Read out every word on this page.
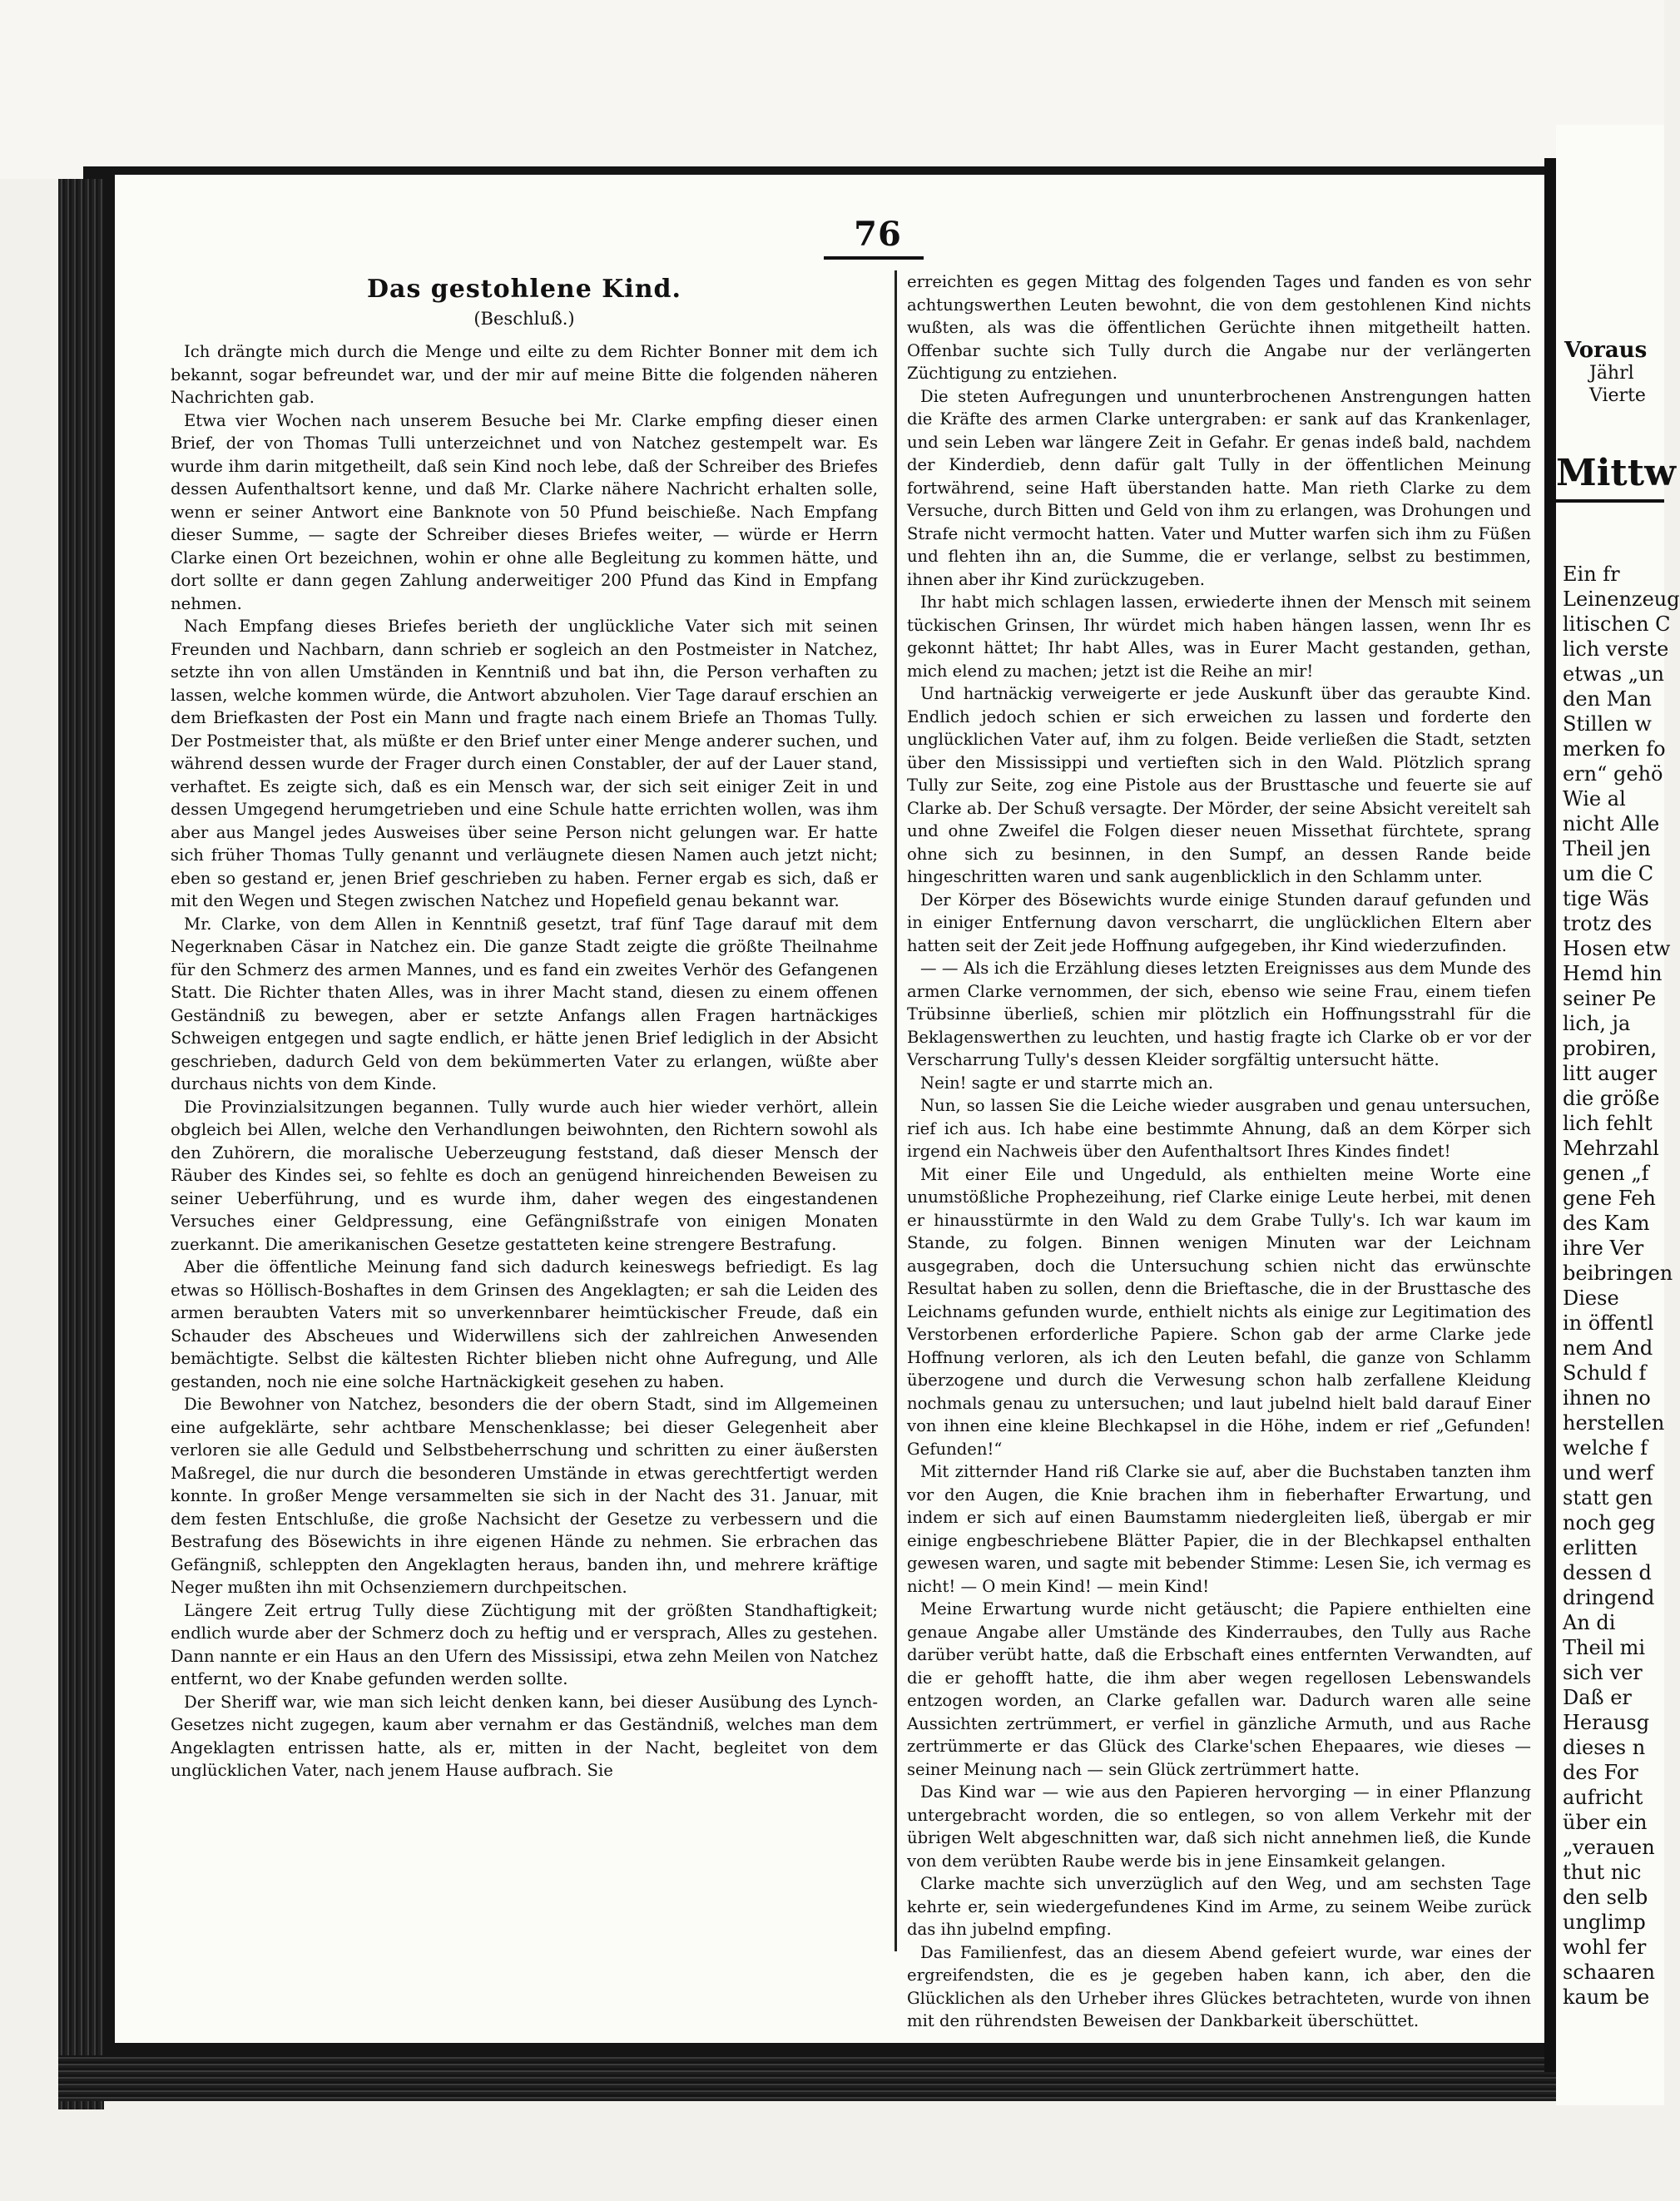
76
Das gestohlene Kind.
(Beschluß.)

Ich drängte mich durch die Menge und eilte zu dem Richter Bonner mit dem ich bekannt, sogar befreundet war, und der mir auf meine Bitte die folgenden näheren Nachrichten gab.

Etwa vier Wochen nach unserem Besuche bei Mr. Clarke empfing dieser einen Brief, der von Thomas Tulli unterzeichnet und von Natchez gestempelt war. Es wurde ihm darin mitgetheilt, daß sein Kind noch lebe, daß der Schreiber des Briefes dessen Aufenthaltsort kenne, und daß Mr. Clarke nähere Nachricht erhalten solle, wenn er seiner Antwort eine Banknote von 50 Pfund beischieße. Nach Empfang dieser Summe, — sagte der Schreiber dieses Briefes weiter, — würde er Herrn Clarke einen Ort bezeichnen, wohin er ohne alle Begleitung zu kommen hätte, und dort sollte er dann gegen Zahlung anderweitiger 200 Pfund das Kind in Empfang nehmen.

Nach Empfang dieses Briefes berieth der unglückliche Vater sich mit seinen Freunden und Nachbarn, dann schrieb er sogleich an den Postmeister in Natchez, setzte ihn von allen Umständen in Kenntniß und bat ihn, die Person verhaften zu lassen, welche kommen würde, die Antwort abzuholen. Vier Tage darauf erschien an dem Briefkasten der Post ein Mann und fragte nach einem Briefe an Thomas Tully. Der Postmeister that, als müßte er den Brief unter einer Menge anderer suchen, und während dessen wurde der Frager durch einen Constabler, der auf der Lauer stand, verhaftet. Es zeigte sich, daß es ein Mensch war, der sich seit einiger Zeit in und dessen Umgegend herumgetrieben und eine Schule hatte errichten wollen, was ihm aber aus Mangel jedes Ausweises über seine Person nicht gelungen war. Er hatte sich früher Thomas Tully genannt und verläugnete diesen Namen auch jetzt nicht; eben so gestand er, jenen Brief geschrieben zu haben. Ferner ergab es sich, daß er mit den Wegen und Stegen zwischen Natchez und Hopefield genau bekannt war.

Mr. Clarke, von dem Allen in Kenntniß gesetzt, traf fünf Tage darauf mit dem Negerknaben Cäsar in Natchez ein. Die ganze Stadt zeigte die größte Theilnahme für den Schmerz des armen Mannes, und es fand ein zweites Verhör des Gefangenen Statt. Die Richter thaten Alles, was in ihrer Macht stand, diesen zu einem offenen Geständniß zu bewegen, aber er setzte Anfangs allen Fragen hartnäckiges Schweigen entgegen und sagte endlich, er hätte jenen Brief lediglich in der Absicht geschrieben, dadurch Geld von dem bekümmerten Vater zu erlangen, wüßte aber durchaus nichts von dem Kinde.

Die Provinzialsitzungen begannen. Tully wurde auch hier wieder verhört, allein obgleich bei Allen, welche den Verhandlungen beiwohnten, den Richtern sowohl als den Zuhörern, die moralische Ueberzeugung feststand, daß dieser Mensch der Räuber des Kindes sei, so fehlte es doch an genügend hinreichenden Beweisen zu seiner Ueberführung, und es wurde ihm, daher wegen des eingestandenen Versuches einer Geldpressung, eine Gefängnißstrafe von einigen Monaten zuerkannt. Die amerikanischen Gesetze gestatteten keine strengere Bestrafung.

Aber die öffentliche Meinung fand sich dadurch keineswegs befriedigt. Es lag etwas so Höllisch-Boshaftes in dem Grinsen des Angeklagten; er sah die Leiden des armen beraubten Vaters mit so unverkennbarer heimtückischer Freude, daß ein Schauder des Abscheues und Widerwillens sich der zahlreichen Anwesenden bemächtigte. Selbst die kältesten Richter blieben nicht ohne Aufregung, und Alle gestanden, noch nie eine solche Hartnäckigkeit gesehen zu haben.

Die Bewohner von Natchez, besonders die der obern Stadt, sind im Allgemeinen eine aufgeklärte, sehr achtbare Menschenklasse; bei dieser Gelegenheit aber verloren sie alle Geduld und Selbstbeherrschung und schritten zu einer äußersten Maßregel, die nur durch die besonderen Umstände in etwas gerechtfertigt werden konnte. In großer Menge versammelten sie sich in der Nacht des 31. Januar, mit dem festen Entschluße, die große Nachsicht der Gesetze zu verbessern und die Bestrafung des Bösewichts in ihre eigenen Hände zu nehmen. Sie erbrachen das Gefängniß, schleppten den Angeklagten heraus, banden ihn, und mehrere kräftige Neger mußten ihn mit Ochsenziemern durchpeitschen.

Längere Zeit ertrug Tully diese Züchtigung mit der größten Standhaftigkeit; endlich wurde aber der Schmerz doch zu heftig und er versprach, Alles zu gestehen. Dann nannte er ein Haus an den Ufern des Mississipi, etwa zehn Meilen von Natchez entfernt, wo der Knabe gefunden werden sollte.

Der Sheriff war, wie man sich leicht denken kann, bei dieser Ausübung des Lynch-Gesetzes nicht zugegen, kaum aber vernahm er das Geständniß, welches man dem Angeklagten entrissen hatte, als er, mitten in der Nacht, begleitet von dem unglücklichen Vater, nach jenem Hause aufbrach. Sie

erreichten es gegen Mittag des folgenden Tages und fanden es von sehr achtungswerthen Leuten bewohnt, die von dem gestohlenen Kind nichts wußten, als was die öffentlichen Gerüchte ihnen mitgetheilt hatten. Offenbar suchte sich Tully durch die Angabe nur der verlängerten Züchtigung zu entziehen.

Die steten Aufregungen und ununterbrochenen Anstrengungen hatten die Kräfte des armen Clarke untergraben: er sank auf das Krankenlager, und sein Leben war längere Zeit in Gefahr. Er genas indeß bald, nachdem der Kinderdieb, denn dafür galt Tully in der öffentlichen Meinung fortwährend, seine Haft überstanden hatte. Man rieth Clarke zu dem Versuche, durch Bitten und Geld von ihm zu erlangen, was Drohungen und Strafe nicht vermocht hatten. Vater und Mutter warfen sich ihm zu Füßen und flehten ihn an, die Summe, die er verlange, selbst zu bestimmen, ihnen aber ihr Kind zurückzugeben.

Ihr habt mich schlagen lassen, erwiederte ihnen der Mensch mit seinem tückischen Grinsen, Ihr würdet mich haben hängen lassen, wenn Ihr es gekonnt hättet; Ihr habt Alles, was in Eurer Macht gestanden, gethan, mich elend zu machen; jetzt ist die Reihe an mir!

Und hartnäckig verweigerte er jede Auskunft über das geraubte Kind. Endlich jedoch schien er sich erweichen zu lassen und forderte den unglücklichen Vater auf, ihm zu folgen. Beide verließen die Stadt, setzten über den Mississippi und vertieften sich in den Wald. Plötzlich sprang Tully zur Seite, zog eine Pistole aus der Brusttasche und feuerte sie auf Clarke ab. Der Schuß versagte. Der Mörder, der seine Absicht vereitelt sah und ohne Zweifel die Folgen dieser neuen Missethat fürchtete, sprang ohne sich zu besinnen, in den Sumpf, an dessen Rande beide hingeschritten waren und sank augenblicklich in den Schlamm unter.

Der Körper des Bösewichts wurde einige Stunden darauf gefunden und in einiger Entfernung davon verscharrt, die unglücklichen Eltern aber hatten seit der Zeit jede Hoffnung aufgegeben, ihr Kind wiederzufinden.

— — Als ich die Erzählung dieses letzten Ereignisses aus dem Munde des armen Clarke vernommen, der sich, ebenso wie seine Frau, einem tiefen Trübsinne überließ, schien mir plötzlich ein Hoffnungsstrahl für die Beklagenswerthen zu leuchten, und hastig fragte ich Clarke ob er vor der Verscharrung Tully's dessen Kleider sorgfältig untersucht hätte.

Nein! sagte er und starrte mich an.

Nun, so lassen Sie die Leiche wieder ausgraben und genau untersuchen, rief ich aus. Ich habe eine bestimmte Ahnung, daß an dem Körper sich irgend ein Nachweis über den Aufenthaltsort Ihres Kindes findet!

Mit einer Eile und Ungeduld, als enthielten meine Worte eine unumstößliche Prophezeihung, rief Clarke einige Leute herbei, mit denen er hinausstürmte in den Wald zu dem Grabe Tully's. Ich war kaum im Stande, zu folgen. Binnen wenigen Minuten war der Leichnam ausgegraben, doch die Untersuchung schien nicht das erwünschte Resultat haben zu sollen, denn die Brieftasche, die in der Brusttasche des Leichnams gefunden wurde, enthielt nichts als einige zur Legitimation des Verstorbenen erforderliche Papiere. Schon gab der arme Clarke jede Hoffnung verloren, als ich den Leuten befahl, die ganze von Schlamm überzogene und durch die Verwesung schon halb zerfallene Kleidung nochmals genau zu untersuchen; und laut jubelnd hielt bald darauf Einer von ihnen eine kleine Blechkapsel in die Höhe, indem er rief „Gefunden! Gefunden!“

Mit zitternder Hand riß Clarke sie auf, aber die Buchstaben tanzten ihm vor den Augen, die Knie brachen ihm in fieberhafter Erwartung, und indem er sich auf einen Baumstamm niedergleiten ließ, übergab er mir einige engbeschriebene Blätter Papier, die in der Blechkapsel enthalten gewesen waren, und sagte mit bebender Stimme: Lesen Sie, ich vermag es nicht! — O mein Kind! — mein Kind!

Meine Erwartung wurde nicht getäuscht; die Papiere enthielten eine genaue Angabe aller Umstände des Kinderraubes, den Tully aus Rache darüber verübt hatte, daß die Erbschaft eines entfernten Verwandten, auf die er gehofft hatte, die ihm aber wegen regellosen Lebenswandels entzogen worden, an Clarke gefallen war. Dadurch waren alle seine Aussichten zertrümmert, er verfiel in gänzliche Armuth, und aus Rache zertrümmerte er das Glück des Clarke'schen Ehepaares, wie dieses — seiner Meinung nach — sein Glück zertrümmert hatte.

Das Kind war — wie aus den Papieren hervorging — in einer Pflanzung untergebracht worden, die so entlegen, so von allem Verkehr mit der übrigen Welt abgeschnitten war, daß sich nicht annehmen ließ, die Kunde von dem verübten Raube werde bis in jene Einsamkeit gelangen.

Clarke machte sich unverzüglich auf den Weg, und am sechsten Tage kehrte er, sein wiedergefundenes Kind im Arme, zu seinem Weibe zurück das ihn jubelnd empfing.

Das Familienfest, das an diesem Abend gefeiert wurde, war eines der ergreifendsten, die es je gegeben haben kann, ich aber, den die Glücklichen als den Urheber ihres Glückes betrachteten, wurde von ihnen mit den rührendsten Beweisen der Dankbarkeit überschüttet.

Voraus
Jährl
Vierte
Mittw
Ein fr
Leinenzeug
litischen C
lich verste
etwas „un
den Man
Stillen w
merken fo
ern“ gehö
Wie al
nicht Alle
Theil jen
um die C
tige Wäs
trotz des
Hosen etw
Hemd hin
seiner Pe
lich, ja
probiren,
litt auger
die größe
lich fehlt
Mehrzahl
genen „f
gene Feh
des Kam
ihre Ver
beibringen
Diese
in öffentl
nem And
Schuld f
ihnen no
herstellen
welche f
und werf
statt gen
noch geg
erlitten
dessen d
dringend
An di
Theil mi
sich ver
Daß er
Herausg
dieses n
des For
aufricht
über ein
„verauen
thut nic
den selb
unglimp
wohl fer
schaaren
kaum be
